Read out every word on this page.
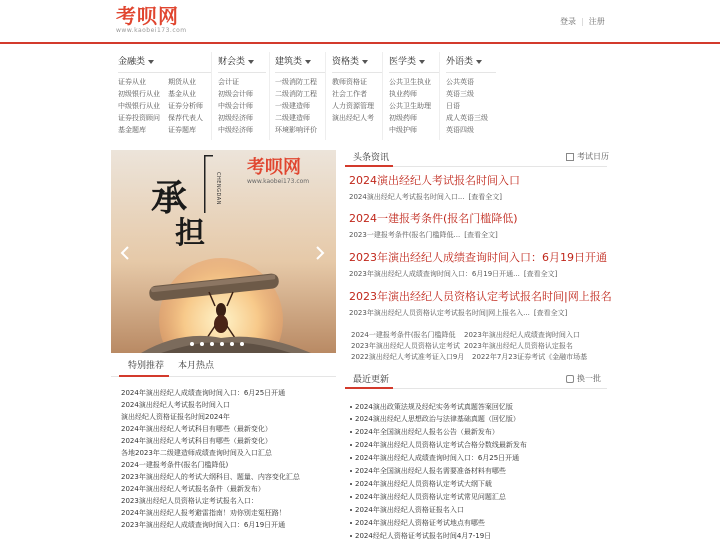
考呗网
www.kaobei173.com
登录 | 注册
金融类
证券从业
初级银行从业
中级银行从业
证券投资顾问
基金题库
期货从业
基金从业
证券分析师
保荐代表人
证券题库
财会类
会计证
初级会计师
中级会计师
初级经济师
中级经济师
建筑类
一级消防工程
二级消防工程
一级建造师
二级建造师
环境影响评价
资格类
教师资格证
社会工作者
人力资源管理
演出经纪人考
医学类
公共卫生执业
执业药师
公共卫生助理
初级药师
中级护师
外语类
公共英语
英语三级
日语
成人英语三级
英语四级
承
担
CHENGDAN
考呗网
www.kaobei173.com
头条资讯	考试日历
2024演出经纪人考试报名时间入口
2024演出经纪人考试报名时间入口... [查看全文]
2024一建报考条件(报名门槛降低)
2023一建报考条件(报名门槛降低... [查看全文]
2023年演出经纪人成绩查询时间入口：6月19日开通
2023年演出经纪人成绩查询时间入口：6月19日开通... [查看全文]
2023年演出经纪人员资格认定考试报名时间|网上报名
2023年演出经纪人员资格认定考试报名时间|网上报名入... [查看全文]
2024一建报考条件(报名门槛降低 2023年演出经纪人成绩查询时间入口
2023年演出经纪人员资格认定考试 2023年演出经纪人员资格认定报名
2022演出经纪人考试准考证入口9月 2022年7月23证券考试《金融市场基
特别推荐 本月热点
2024年演出经纪人成绩查询时间入口：6月25日开通
2024演出经纪人考试报名时间入口
演出经纪人资格证报名时间2024年
2024年演出经纪人考试科目有哪些（最新变化）
2024年演出经纪人考试科目有哪些（最新变化）
各地2023年二级建造师成绩查询时间及入口汇总
2024一建报考条件(报名门槛降低)
2023年演出经纪人的考试大纲科目、题量、内容变化汇总
2024年演出经纪人考试报名条件（最新发布）
2023演出经纪人员资格认定考试报名入口：
2024年演出经纪人报考避雷指南！劝你别走冤枉路！
2023年演出经纪人成绩查询时间入口：6月19日开通
最近更新	换一批
2024演出政策法规及经纪实务考试真题答案回忆版
2024演出经纪人思想政治与法律基础真题（回忆版）
2024年全国演出经纪人报名公告（最新发布）
2024年演出经纪人员资格认定考试合格分数线最新发布
2024年演出经纪人成绩查询时间入口：6月25日开通
2024年全国演出经纪人报名需要准备材料有哪些
2024年演出经纪人员资格认定考试大纲下载
2024年演出经纪人员资格认定考试常见问题汇总
2024年演出经纪人资格证报名入口
2024年演出经纪人资格证考试地点有哪些
2024经纪人资格证考试报名时间4月7-19日
